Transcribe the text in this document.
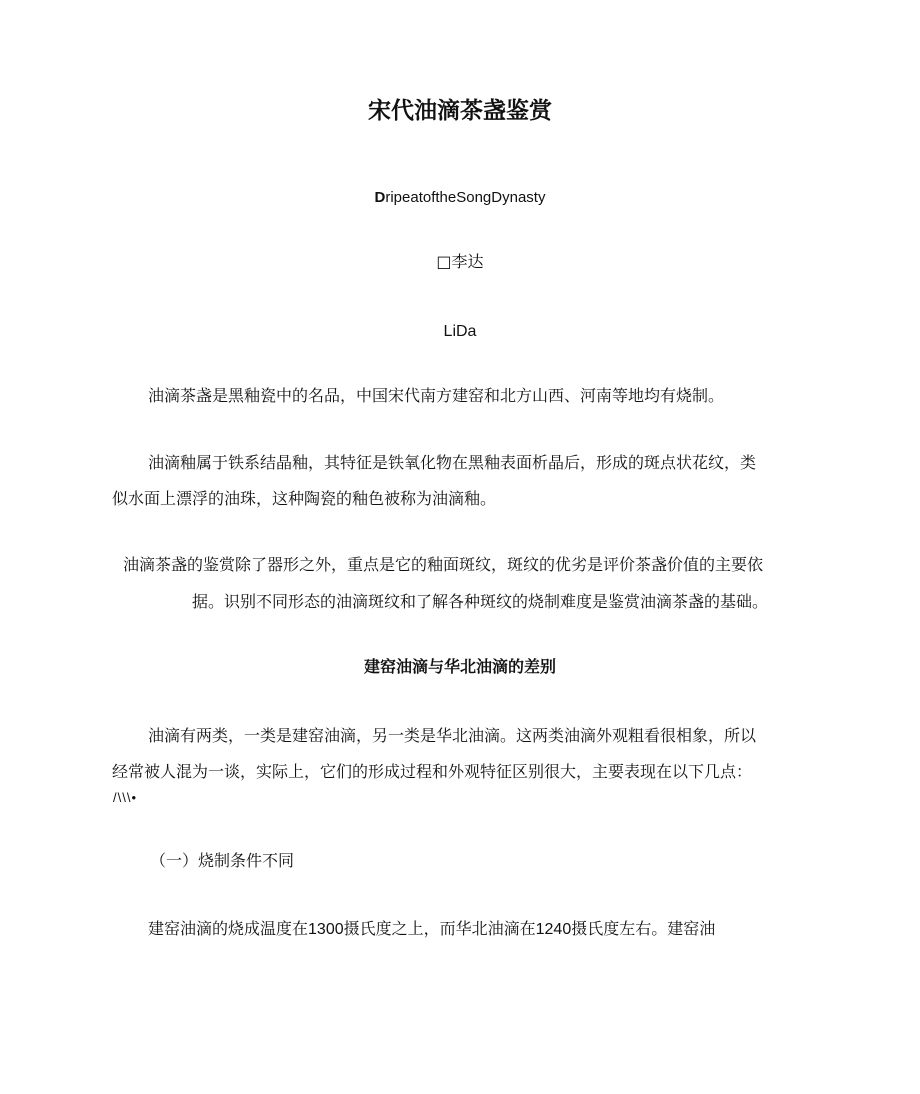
宋代油滴茶盏鉴赏
DripeatoftheSongDynasty
□李达
LiDa
油滴茶盏是黑釉瓷中的名品，中国宋代南方建窑和北方山西、河南等地均有烧制。
油滴釉属于铁系结晶釉，其特征是铁氧化物在黑釉表面析晶后，形成的斑点状花纹，类
似水面上漂浮的油珠，这种陶瓷的釉色被称为油滴釉。
油滴茶盏的鉴赏除了器形之外，重点是它的釉面斑纹，斑纹的优劣是评价茶盏价值的主要依
据。识别不同形态的油滴斑纹和了解各种斑纹的烧制难度是鉴赏油滴茶盏的基础。
建窑油滴与华北油滴的差别
油滴有两类，一类是建窑油滴，另一类是华北油滴。这两类油滴外观粗看很相象，所以
经常被人混为一谈，实际上，它们的形成过程和外观特征区别很大，主要表现在以下几点：
/\\\•
（一）烧制条件不同
建窑油滴的烧成温度在1300摄氏度之上，而华北油滴在1240摄氏度左右。建窑油
